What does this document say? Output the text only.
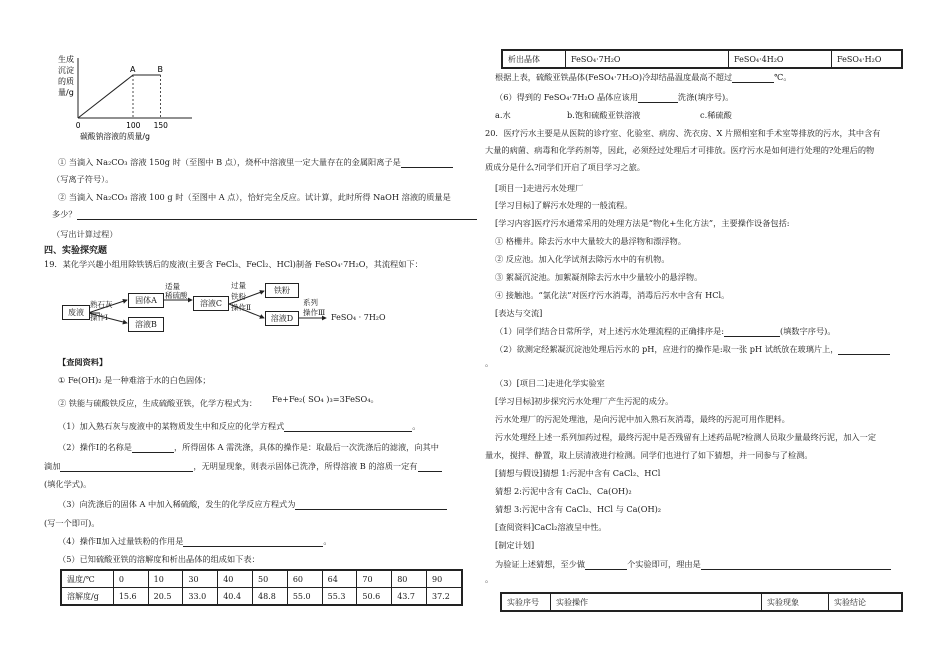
A	B
生成
沉淀
的质
量/g
0	100 150
碳酸钠溶液的质量/g
① 当滴入 Na₂CO₃ 溶液 150g 时（至图中 B 点），烧杯中溶液里一定大量存在的金属阳离子是
（写离子符号）。
② 当滴入 Na₂CO₃ 溶液 100 g 时（至图中 A 点），恰好完全反应。试计算，此时所得 NaOH 溶液的质量是
多少？
（写出计算过程）
四、实验探究题
19．某化学兴趣小组用除铁锈后的废液(主要含 FeCl₃、FeCl₂、HCl)制备 FeSO₄·7H₂O，其流程如下：
废液
熟石灰
操作Ⅰ
固体A
溶液B
适量
稀硫酸
溶液C
过量
铁粉
操作Ⅱ
铁粉
溶液D
系列
操作Ⅲ
FeSO₄ · 7H₂O
【查阅资料】
① Fe(OH)₂ 是一种难溶于水的白色固体；
② 铁能与硫酸铁反应，生成硫酸亚铁，化学方程式为： Fe+Fe₂( SO₄ )₃=3FeSO₄。
（1）加入熟石灰与废液中的某物质发生中和反应的化学方程式	。
（2）操作Ⅰ的名称是	，所得固体 A 需洗涤，具体的操作是：取最后一次洗涤后的滤液，向其中
滴加	，无明显现象，则表示固体已洗净，所得溶液 B 的溶质一定有
(填化学式)。
（3）向洗涤后的固体 A 中加入稀硫酸，发生的化学反应方程式为
(写一个即可)。
（4）操作Ⅱ加入过量铁粉的作用是	。
（5）已知硫酸亚铁的溶解度和析出晶体的组成如下表：
温度/℃	0	10	30	40	50	60	64	70	80	90
溶解度/g	15.6	20.5	33.0	40.4	48.8	55.0	55.3	50.6	43.7	37.2
析出晶体	FeSO₄·7H₂O	FeSO₄·4H₂O	FeSO₄·H₂O
根据上表，硫酸亚铁晶体(FeSO₄·7H₂O)冷却结晶温度最高不超过	℃。
（6）得到的 FeSO₄·7H₂O 晶体应该用	洗涤(填序号)。
a.水	b.饱和硫酸亚铁溶液	c.稀硫酸
20．医疗污水主要是从医院的诊疗室、化验室、病房、洗衣房、X 片照相室和手术室等排放的污水，其中含有
大量的病菌、病毒和化学药剂等，因此，必须经过处理后才可排放。医疗污水是如何进行处理的?处理后的物
质成分是什么?同学们开启了项目学习之旅。
[项目一]走进污水处理厂
[学习目标]了解污水处理的一般流程。
[学习内容]医疗污水通常采用的处理方法是“物化+生化方法”，主要操作设备包括:
① 格栅井。除去污水中大量较大的悬浮物和漂浮物。
② 反应池。加入化学试剂去除污水中的有机物。
③ 絮凝沉淀池。加絮凝剂除去污水中少量较小的悬浮物。
④ 接触池。“氯化法”对医疗污水消毒，消毒后污水中含有 HCl。
[表达与交流]
（1）同学们结合日常所学，对上述污水处理流程的正确排序是:	(填数字序号)。
（2）欲测定经絮凝沉淀池处理后污水的 pH，应进行的操作是:取一张 pH 试纸放在玻璃片上，
。
（3）[项目二]走进化学实验室
[学习目标]初步探究污水处理厂产生污泥的成分。
污水处理厂的污泥处理池，是向污泥中加入熟石灰消毒，最终的污泥可用作肥料。
污水处理经上述一系列加药过程，最终污泥中是否残留有上述药品呢?检测人员取少量最终污泥，加入一定
量水，搅拌、静置，取上层清液进行检测。同学们也进行了如下猜想，并一同参与了检测。
[猜想与假设]猜想 1:污泥中含有 CaCl₂、HCl
猜想 2:污泥中含有 CaCl₂、Ca(OH)₂
猜想 3:污泥中含有 CaCl₂、HCl 与 Ca(OH)₂
[查阅资料]CaCl₂溶液呈中性。
[制定计划]
为验证上述猜想，至少做	个实验即可，理由是
。
实验序号	实验操作	实验现象	实验结论
